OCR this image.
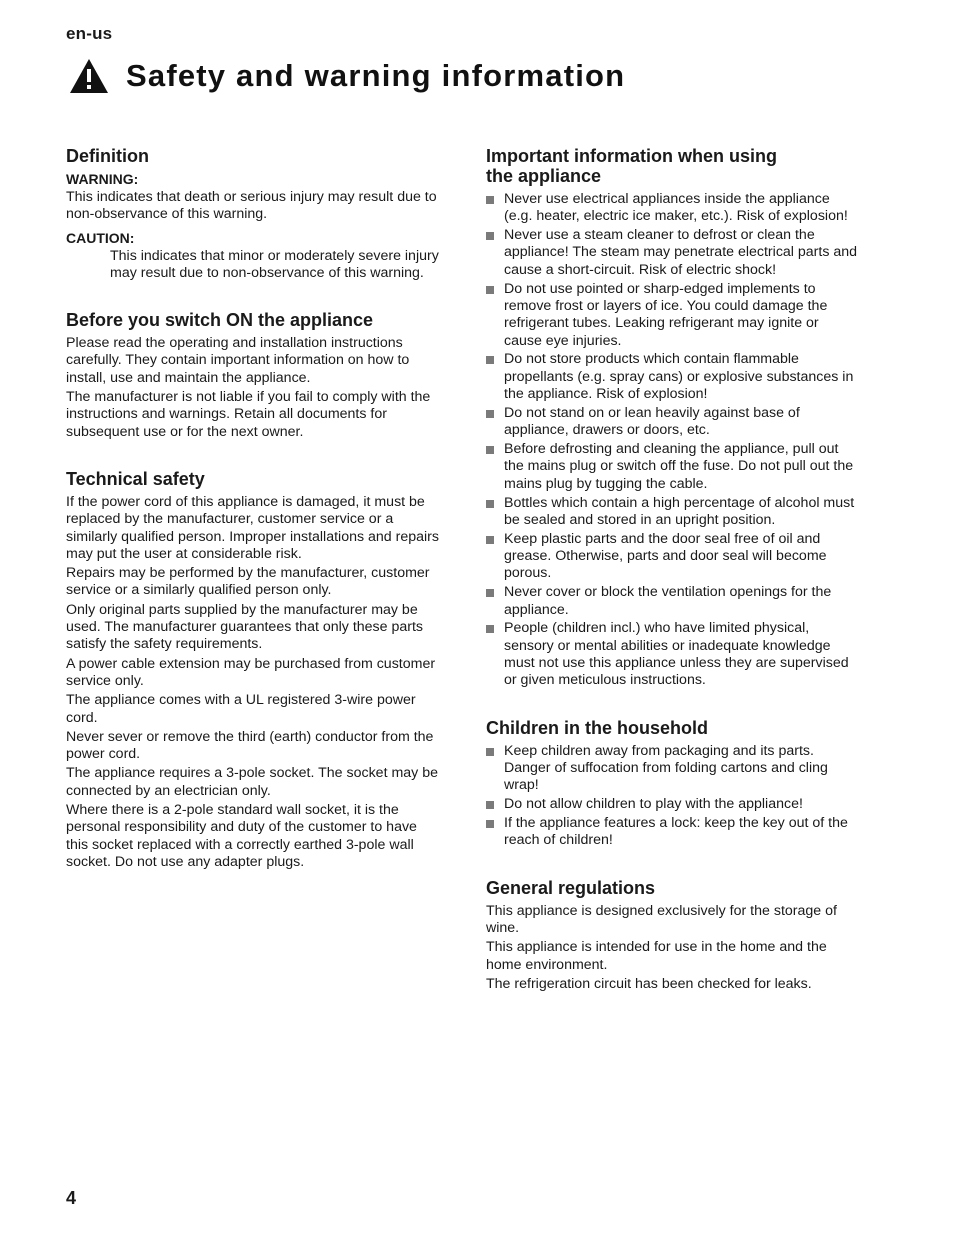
en-us
Safety and warning information
Definition
WARNING:

This indicates that death or serious injury may result due to non-observance of this warning.

CAUTION:

This indicates that minor or moderately severe injury may result due to non-observance of this warning.

Before you switch ON the appliance

Please read the operating and installation instructions carefully. They contain important information on how to install, use and maintain the appliance.

The manufacturer is not liable if you fail to comply with the instructions and warnings. Retain all documents for subsequent use or for the next owner.

Technical safety

If the power cord of this appliance is damaged, it must be replaced by the manufacturer, customer service or a similarly qualified person. Improper installations and repairs may put the user at considerable risk.

Repairs may be performed by the manufacturer, customer service or a similarly qualified person only.

Only original parts supplied by the manufacturer may be used. The manufacturer guarantees that only these parts satisfy the safety requirements.

A power cable extension may be purchased from customer service only.

The appliance comes with a UL registered 3-wire power cord.

Never sever or remove the third (earth) conductor from the power cord.

The appliance requires a 3-pole socket. The socket may be connected by an electrician only.

Where there is a 2-pole standard wall socket, it is the personal responsibility and duty of the customer to have this socket replaced with a correctly earthed 3-pole wall socket. Do not use any adapter plugs.

Important information when using
the appliance
Never use electrical appliances inside the appliance (e.g. heater, electric ice maker, etc.). Risk of explosion!
Never use a steam cleaner to defrost or clean the appliance! The steam may penetrate electrical parts and cause a short-circuit. Risk of electric shock!
Do not use pointed or sharp-edged implements to remove frost or layers of ice. You could damage the refrigerant tubes. Leaking refrigerant may ignite or cause eye injuries.
Do not store products which contain flammable propellants (e.g. spray cans) or explosive substances in the appliance. Risk of explosion!
Do not stand on or lean heavily against base of appliance, drawers or doors, etc.
Before defrosting and cleaning the appliance, pull out the mains plug or switch off the fuse. Do not pull out the mains plug by tugging the cable.
Bottles which contain a high percentage of alcohol must be sealed and stored in an upright position.
Keep plastic parts and the door seal free of oil and grease. Otherwise, parts and door seal will become porous.
Never cover or block the ventilation openings for the appliance.
People (children incl.) who have limited physical, sensory or mental abilities or inadequate knowledge must not use this appliance unless they are supervised or given meticulous instructions.
Children in the household
Keep children away from packaging and its parts. Danger of suffocation from folding cartons and cling wrap!
Do not allow children to play with the appliance!
If the appliance features a lock: keep the key out of the reach of children!
General regulations

This appliance is designed exclusively for the storage of wine.

This appliance is intended for use in the home and the home environment.

The refrigeration circuit has been checked for leaks.

4
